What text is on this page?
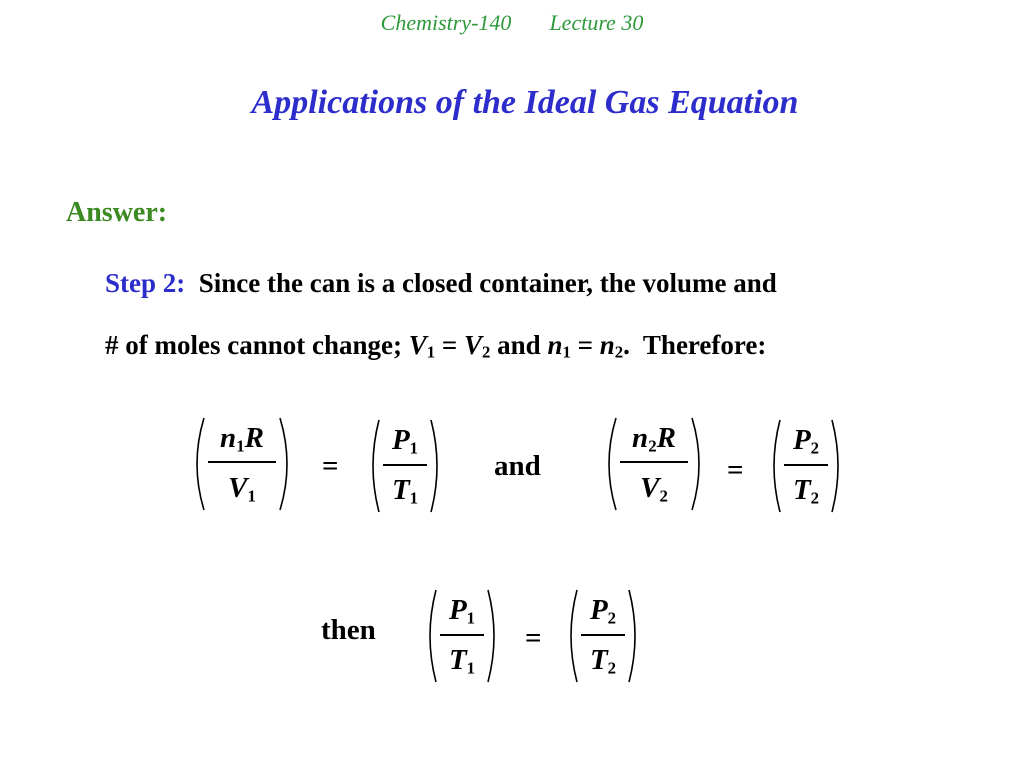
Chemistry-140 Lecture 30
Applications of the Ideal Gas Equation
Answer:
Step 2: Since the can is a closed container, the volume and
# of moles cannot change; $V_1 = V_2$ and $n_1 = n_2$.  Therefore:
$n_1R$
$V_1$
=
$P_1$
$T_1$
and
$n_2R$
$V_2$
=
$P_2$
$T_2$
then
$P_1$
$T_1$
=
$P_2$
$T_2$
